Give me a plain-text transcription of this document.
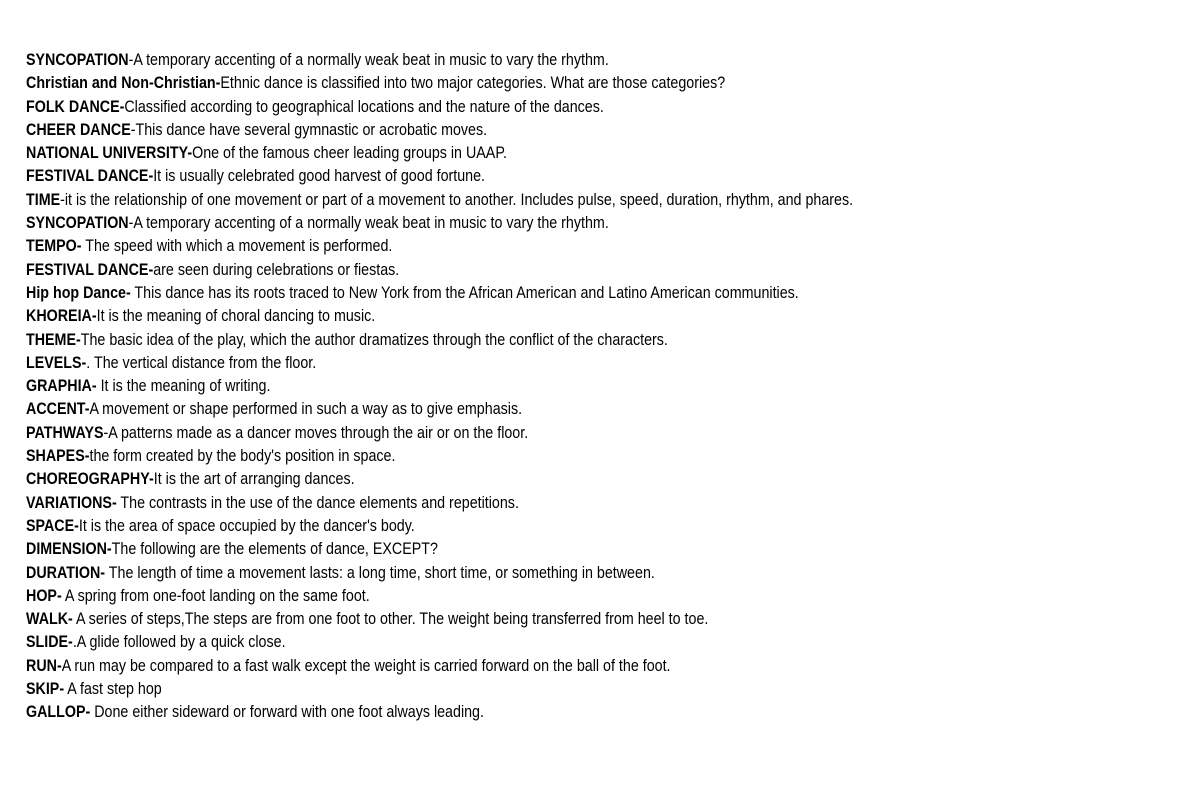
SYNCOPATION-A temporary accenting of a normally weak beat in music to vary the rhythm.
Christian and Non-Christian-Ethnic dance is classified into two major categories. What are those categories?
FOLK DANCE-Classified according to geographical locations and the nature of the dances.
CHEER DANCE-This dance have several gymnastic or acrobatic moves.
NATIONAL UNIVERSITY-One of the famous cheer leading groups in UAAP.
FESTIVAL DANCE-It is usually celebrated good harvest of good fortune.
TIME-it is the relationship of one movement or part of a movement to another. Includes pulse, speed, duration, rhythm, and phares.
SYNCOPATION-A temporary accenting of a normally weak beat in music to vary the rhythm.
TEMPO- The speed with which a movement is performed.
FESTIVAL DANCE-are seen during celebrations or fiestas.
Hip hop Dance- This dance has its roots traced to New York from the African American and Latino American communities.
KHOREIA-It is the meaning of choral dancing to music.
THEME-The basic idea of the play, which the author dramatizes through the conflict of the characters.
LEVELS-. The vertical distance from the floor.
GRAPHIA- It is the meaning of writing.
ACCENT-A movement or shape performed in such a way as to give emphasis.
PATHWAYS-A patterns made as a dancer moves through the air or on the floor.
SHAPES-the form created by the body's position in space.
CHOREOGRAPHY-It is the art of arranging dances.
VARIATIONS- The contrasts in the use of the dance elements and repetitions.
SPACE-It is the area of space occupied by the dancer's body.
DIMENSION-The following are the elements of dance, EXCEPT?
DURATION- The length of time a movement lasts: a long time, short time, or something in between.
HOP- A spring from one-foot landing on the same foot.
WALK- A series of steps,The steps are from one foot to other. The weight being transferred from heel to toe.
SLIDE-.A glide followed by a quick close.
RUN-A run may be compared to a fast walk except the weight is carried forward on the ball of the foot.
SKIP- A fast step hop
GALLOP- Done either sideward or forward with one foot always leading.
